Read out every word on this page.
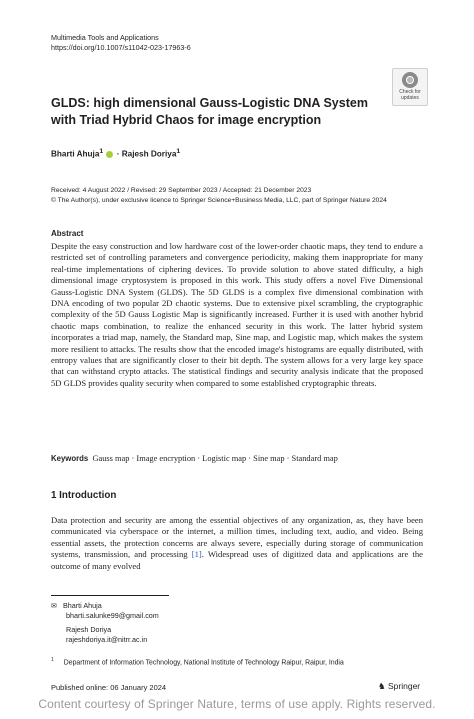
Multimedia Tools and Applications
https://doi.org/10.1007/s11042-023-17963-6
Check for
updates
GLDS: high dimensional Gauss-Logistic DNA System
with Triad Hybrid Chaos for image encryption
Bharti Ahuja$^1$ · Rajesh Doriya$^1$
Received: 4 August 2022 / Revised: 29 September 2023 / Accepted: 21 December 2023
© The Author(s), under exclusive licence to Springer Science+Business Media, LLC, part of Springer Nature 2024
Abstract
Despite the easy construction and low hardware cost of the lower-order chaotic maps, they tend to endure a restricted set of controlling parameters and convergence periodicity, making them inappropriate for many real-time implementations of ciphering devices. To provide solution to above stated difficulty, a high dimensional image cryptosystem is proposed in this work. This study offers a novel Five Dimensional Gauss-Logistic DNA System (GLDS). The 5D GLDS is a complex five dimensional combination with DNA encoding of two popular 2D chaotic systems. Due to extensive pixel scrambling, the cryptographic complexity of the 5D Gauss Logistic Map is significantly increased. Further it is used with another hybrid chaotic maps combination, to realize the enhanced security in this work. The latter hybrid system incorporates a triad map, namely, the Standard map, Sine map, and Logistic map, which makes the system more resilient to attacks. The results show that the encoded image's histograms are equally distributed, with entropy values that are significantly closer to their bit depth. The system allows for a very large key space that can withstand crypto attacks. The statistical findings and security analysis indicate that the proposed 5D GLDS provides quality security when compared to some established cryptographic threats.
Keywords Gauss map · Image encryption · Logistic map · Sine map · Standard map
1 Introduction
Data protection and security are among the essential objectives of any organization, as, they have been communicated via cyberspace or the internet, a million times, including text, audio, and video. Being essential assets, the protection concerns are always severe, especially during storage of communication systems, transmission, and processing [1]. Widespread uses of digitized data and applications are the outcome of many evolved
✉ Bharti Ahuja
bharti.salunke99@gmail.com
Rajesh Doriya
rajeshdoriya.it@nitrr.ac.in
$^1$ Department of Information Technology, National Institute of Technology Raipur, Raipur, India
Published online: 06 January 2024	♞ Springer
Content courtesy of Springer Nature, terms of use apply. Rights reserved.
